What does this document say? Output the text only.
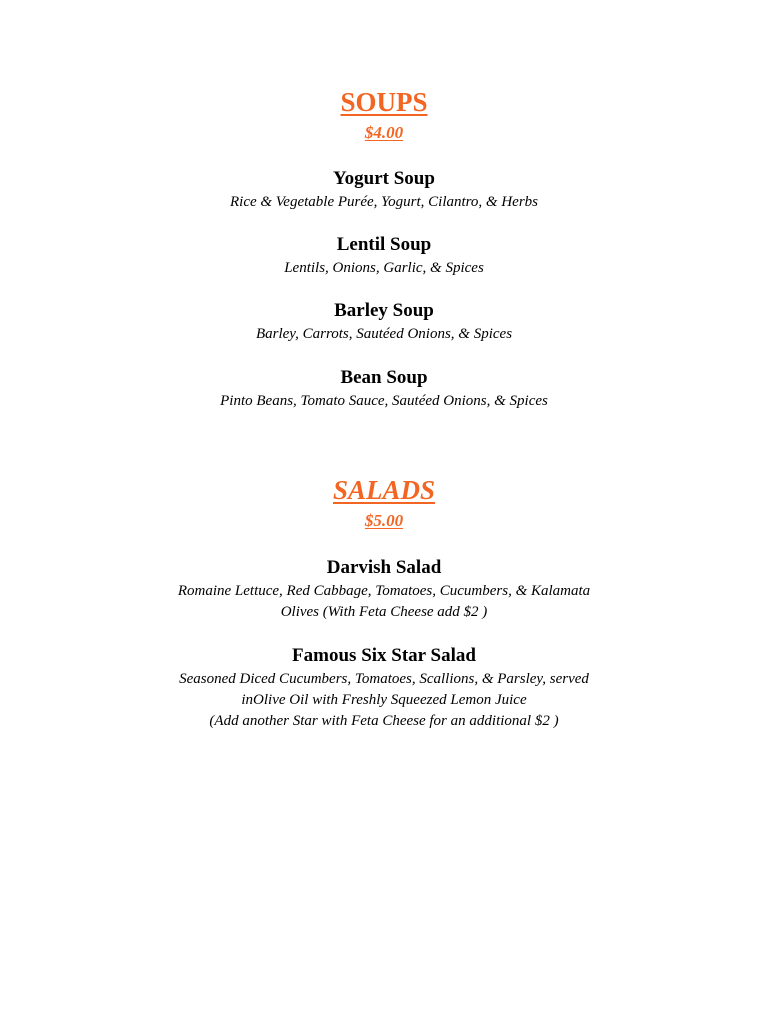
SOUPS
$4.00

Yogurt Soup

Rice & Vegetable Purée, Yogurt, Cilantro, & Herbs

Lentil Soup

Lentils, Onions, Garlic, & Spices

Barley Soup

Barley, Carrots, Sautéed Onions, & Spices

Bean Soup

Pinto Beans, Tomato Sauce, Sautéed Onions, & Spices

SALADS
$5.00

Darvish Salad

Romaine Lettuce, Red Cabbage, Tomatoes, Cucumbers, & Kalamata
Olives (With Feta Cheese add $2 )

Famous Six Star Salad

Seasoned Diced Cucumbers, Tomatoes, Scallions, & Parsley, served
inOlive Oil with Freshly Squeezed Lemon Juice
(Add another Star with Feta Cheese for an additional $2 )
